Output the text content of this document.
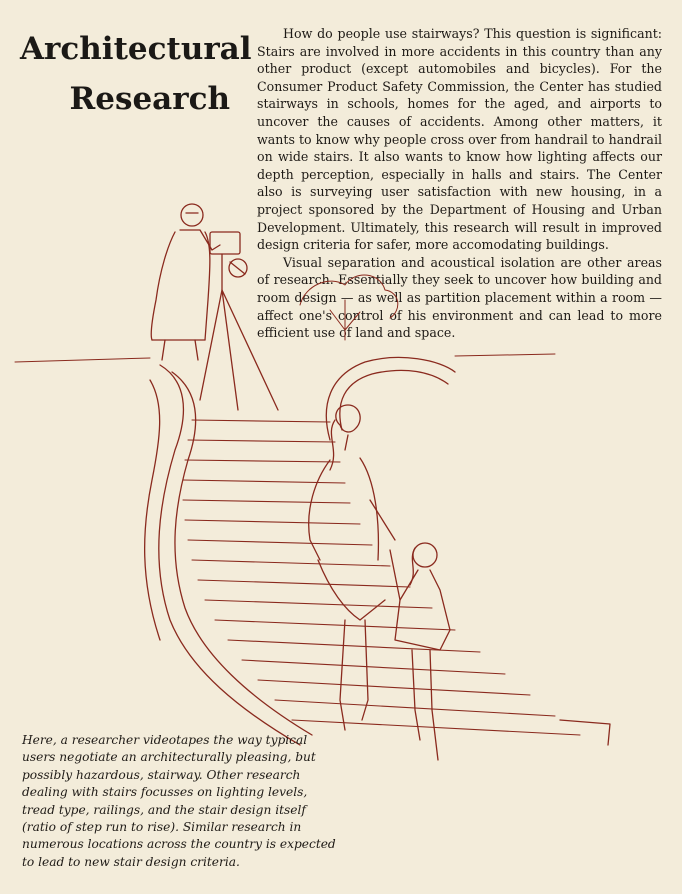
Architectural
Research

How do people use stairways? This question is significant: Stairs are involved in more accidents in this country than any other product (except automobiles and bicycles). For the Consumer Product Safety Commission, the Center has studied stairways in schools, homes for the aged, and airports to uncover the causes of accidents. Among other matters, it wants to know why people cross over from handrail to handrail on wide stairs. It also wants to know how lighting affects our depth perception, especially in halls and stairs. The Center also is surveying user satisfaction with new housing, in a project sponsored by the Department of Housing and Urban Development. Ultimately, this research will result in improved design criteria for safer, more accomodating buildings.

Visual separation and acoustical isolation are other areas of research. Essentially they seek to uncover how building and room design — as well as partition placement within a room — affect one's control of his environment and can lead to more efficient use of land and space.

Here, a researcher videotapes the way typical users negotiate an architecturally pleasing, but possibly hazardous, stairway. Other research dealing with stairs focusses on lighting levels, tread type, railings, and the stair design itself (ratio of step run to rise). Similar research in numerous locations across the country is expected to lead to new stair design criteria.
